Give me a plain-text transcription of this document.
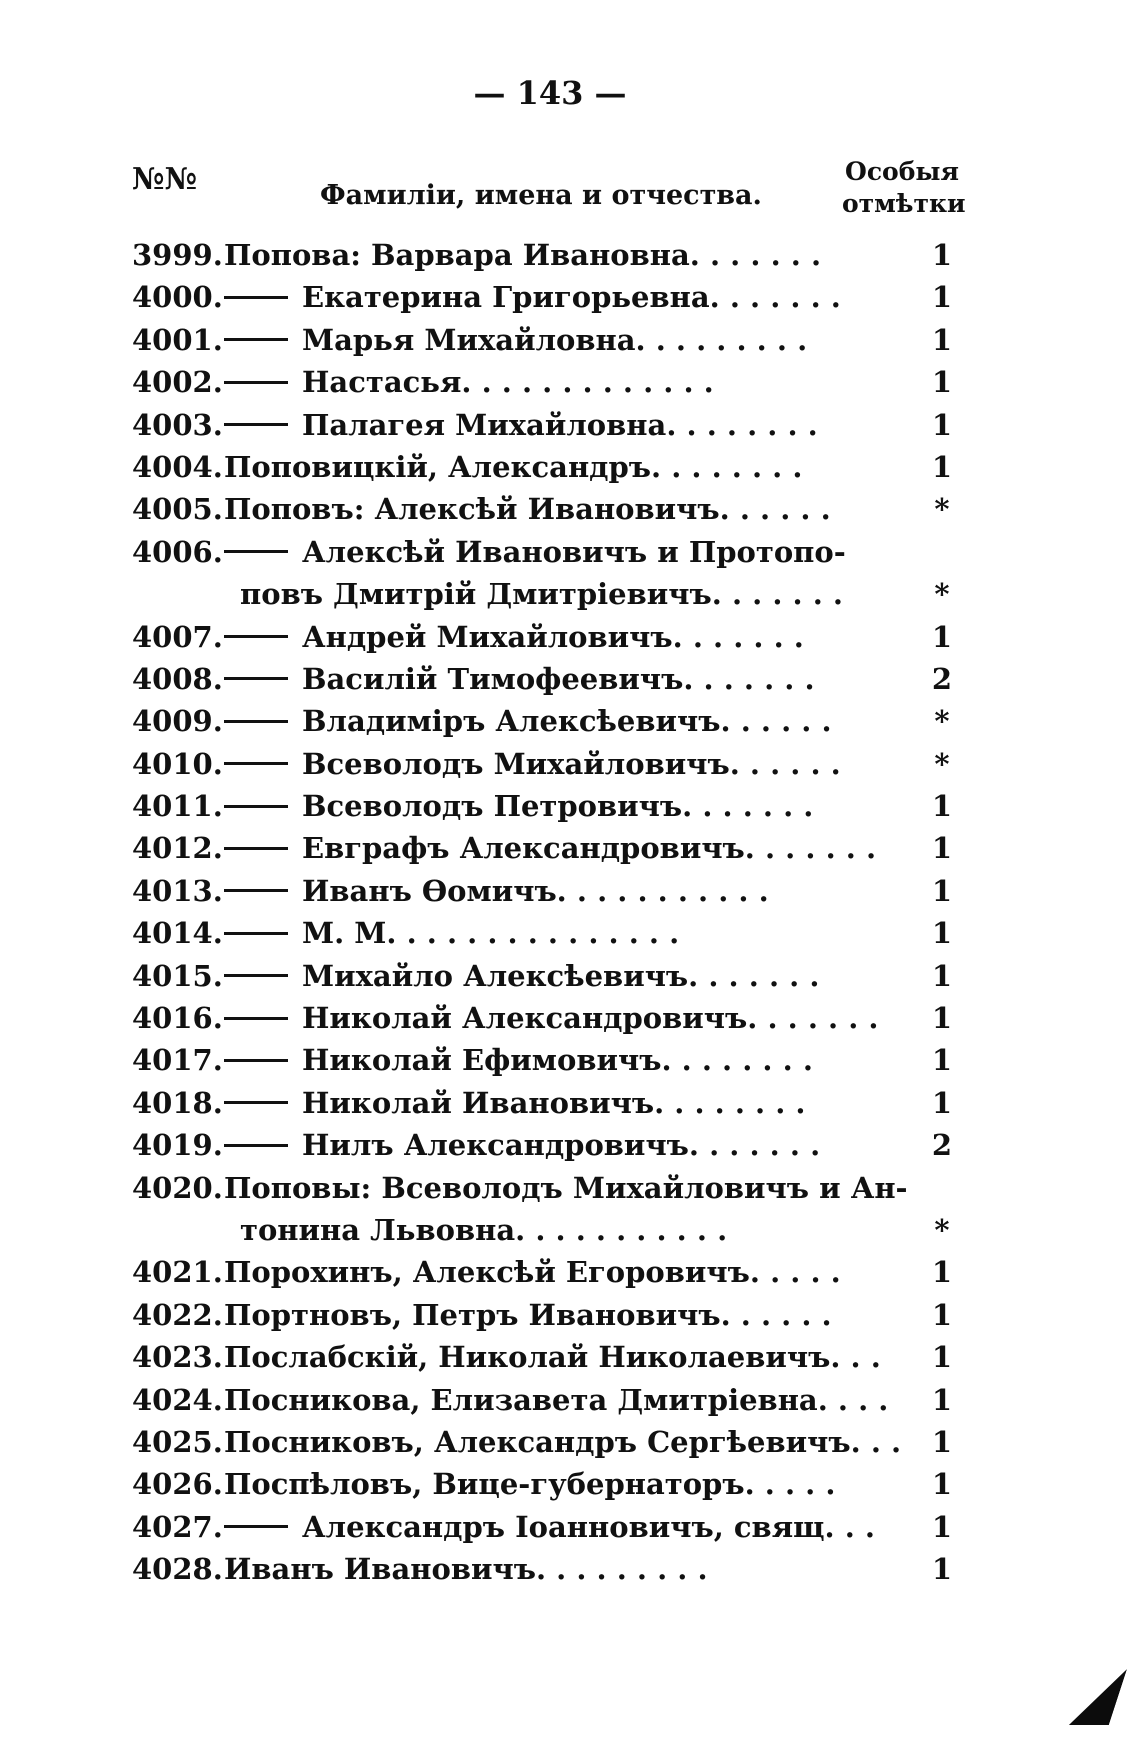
— 143 —
№№	Фамиліи, имена и отчества.
Особыя
отмѣтки
3999. Попова: Варвара Ивановна. . . . . . .	1
4000.	Екатерина Григорьевна. . . . . . .	1
4001.	Марья Михайловна. . . . . . . . .	1
4002.	Настасья. . . . . . . . . . . . .	1
4003.	Палагея Михайловна. . . . . . . .	1
4004. Поповицкій, Александръ. . . . . . . .	1
4005. Поповъ: Алексѣй Ивановичъ. . . . . .	*
4006.	Алексѣй Ивановичъ и Протопо-
повъ Дмитрій Дмитріевичъ. . . . . . .	*
4007.	Андрей Михайловичъ. . . . . . .	1
4008.	Василій Тимофеевичъ. . . . . . .	2
4009.	Владиміръ Алексѣевичъ. . . . . .	*
4010.	Всеволодъ Михайловичъ. . . . . .	*
4011.	Всеволодъ Петровичъ. . . . . . .	1
4012.	Евграфъ Александровичъ. . . . . . .	1
4013.	Иванъ Ѳомичъ. . . . . . . . . . .	1
4014.	М. М. . . . . . . . . . . . . . .	1
4015.	Михайло Алексѣевичъ. . . . . . .	1
4016.	Николай Александровичъ. . . . . . .	1
4017.	Николай Ефимовичъ. . . . . . . .	1
4018.	Николай Ивановичъ. . . . . . . .	1
4019.	Нилъ Александровичъ. . . . . . .	2
4020. Поповы: Всеволодъ Михайловичъ и Ан-
тонина Львовна. . . . . . . . . . .	*
4021. Порохинъ, Алексѣй Егоровичъ. . . . .	1
4022. Портновъ, Петръ Ивановичъ. . . . . .	1
4023. Послабскій, Николай Николаевичъ. . .	1
4024. Посникова, Елизавета Дмитріевна. . . .	1
4025. Посниковъ, Александръ Сергѣевичъ. . .	1
4026. Поспѣловъ, Вице-губернаторъ. . . . .	1
4027.	Александръ Іоанновичъ, свящ. . .	1
4028. Иванъ Ивановичъ. . . . . . . . .	1
